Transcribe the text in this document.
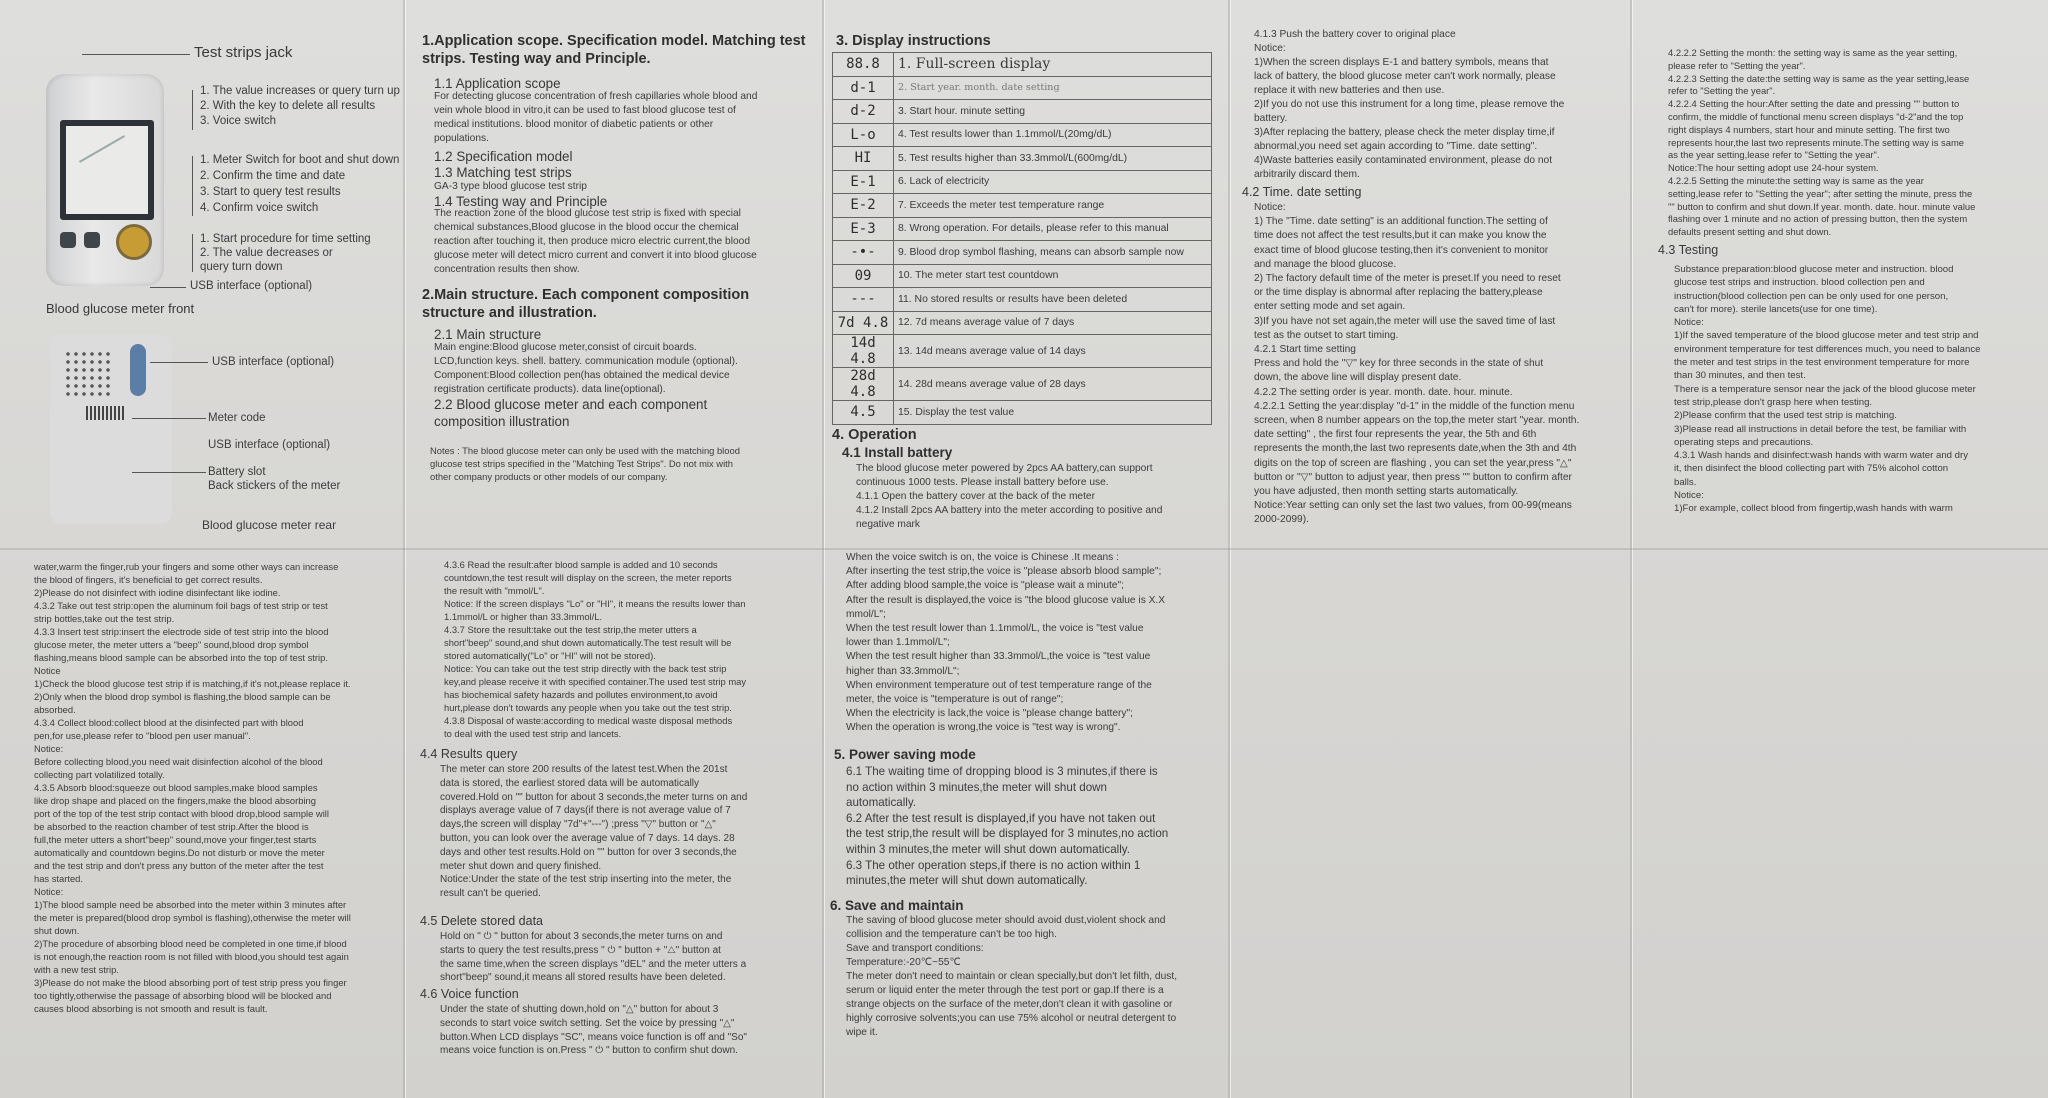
Test strips jack
1. The value increases or query turn up
2. With the key to delete all results
3. Voice switch
1. Meter Switch for boot and shut down
2. Confirm the time and date
3. Start to query test results
4. Confirm voice switch
1. Start procedure for time setting
2. The value decreases or
query turn down
USB interface (optional)
Blood glucose meter front
USB interface (optional)
Meter code
USB interface (optional)
Battery slot
Back stickers of the meter
Blood glucose meter rear
water,warm the finger,rub your fingers and some other ways can increase
the blood of fingers, it's beneficial to get correct results.
2)Please do not disinfect with iodine disinfectant like iodine.
4.3.2 Take out test strip:open the aluminum foil bags of test strip or test
strip bottles,take out the test strip.
4.3.3 Insert test strip:insert the electrode side of test strip into the blood
glucose meter, the meter utters a "beep" sound,blood drop symbol
flashing,means blood sample can be absorbed into the top of test strip.
Notice
1)Check the blood glucose test strip if is matching,if it's not,please replace it.
2)Only when the blood drop symbol is flashing,the blood sample can be
absorbed.
4.3.4 Collect blood:collect blood at the disinfected part with blood
pen,for use,please refer to "blood pen user manual".
Notice:
Before collecting blood,you need wait disinfection alcohol of the blood
collecting part volatilized totally.
4.3.5 Absorb blood:squeeze out blood samples,make blood samples
like drop shape and placed on the fingers,make the blood absorbing
port of the top of the test strip contact with blood drop,blood sample will
be absorbed to the reaction chamber of test strip.After the blood is
full,the meter utters a short"beep" sound,move your finger,test starts
automatically and countdown begins.Do not disturb or move the meter
and the test strip and don't press any button of the meter after the test
has started.
Notice:
1)The blood sample need be absorbed into the meter within 3 minutes after
the meter is prepared(blood drop symbol is flashing),otherwise the meter will
shut down.
2)The procedure of absorbing blood need be completed in one time,if blood
is not enough,the reaction room is not filled with blood,you should test again
with a new test strip.
3)Please do not make the blood absorbing port of test strip press you finger
too tightly,otherwise the passage of absorbing blood will be blocked and
causes blood absorbing is not smooth and result is fault.
1.Application scope. Specification model. Matching test
strips. Testing way and Principle.
1.1 Application scope
For detecting glucose concentration of fresh capillaries whole blood and
vein whole blood in vitro,it can be used to fast blood glucose test of
medical institutions. blood monitor of diabetic patients or other
populations.
1.2 Specification model
1.3 Matching test strips
GA-3 type blood glucose test strip
1.4 Testing way and Principle
The reaction zone of the blood glucose test strip is fixed with special
chemical substances,Blood glucose in the blood occur the chemical
reaction after touching it, then produce micro electric current,the blood
glucose meter will detect micro current and convert it into blood glucose
concentration results then show.
2.Main structure. Each component composition
structure and illustration.
2.1 Main structure
Main engine:Blood glucose meter,consist of circuit boards.
LCD,function keys. shell. battery. communication module (optional).
Component:Blood collection pen(has obtained the medical device
registration certificate products). data line(optional).
2.2 Blood glucose meter and each component
composition illustration
Notes : The blood glucose meter can only be used with the matching blood
glucose test strips specified in the "Matching Test Strips". Do not mix with
other company products or other models of our company.
4.3.6 Read the result:after blood sample is added and 10 seconds
countdown,the test result will display on the screen, the meter reports
the result with "mmol/L".
Notice: If the screen displays "Lo" or "HI", it means the results lower than
1.1mmol/L or higher than 33.3mmol/L.
4.3.7 Store the result:take out the test strip,the meter utters a
short"beep" sound,and shut down automatically.The test result will be
stored automatically("Lo" or "HI" will not be stored).
Notice: You can take out the test strip directly with the back test strip
key,and please receive it with specified container.The used test strip may
has biochemical safety hazards and pollutes environment,to avoid
hurt,please don't towards any people when you take out the test strip.
4.3.8 Disposal of waste:according to medical waste disposal methods
to deal with the used test strip and lancets.
4.4 Results query
The meter can store 200 results of the latest test.When the 201st
data is stored, the earliest stored data will be automatically
covered.Hold on "" button for about 3 seconds,the meter turns on and
displays average value of 7 days(if there is not average value of 7
days,the screen will display "7d"+"---") ;press "▽" button or "△"
button, you can look over the average value of 7 days. 14 days. 28
days and other test results.Hold on "" button for over 3 seconds,the
meter shut down and query finished.
Notice:Under the state of the test strip inserting into the meter, the
result can't be queried.
4.5 Delete stored data
Hold on " ⏻ " button for about 3 seconds,the meter turns on and
starts to query the test results,press " ⏻ " button + "△" button at
the same time,when the screen displays "dEL" and the meter utters a
short"beep" sound,it means all stored results have been deleted.
4.6 Voice function
Under the state of shutting down,hold on "△" button for about 3
seconds to start voice switch setting. Set the voice by pressing "△"
button.When LCD displays "SC", means voice function is off and "So"
means voice function is on.Press " ⏻ " button to confirm shut down.
3. Display instructions
4. Operation
4.1 Install battery
The blood glucose meter powered by 2pcs AA battery,can support
continuous 1000 tests. Please install battery before use.
4.1.1 Open the battery cover at the back of the meter
4.1.2 Install 2pcs AA battery into the meter according to positive and
negative mark
When the voice switch is on, the voice is Chinese .It means :
After inserting the test strip,the voice is "please absorb blood sample";
After adding blood sample,the voice is "please wait a minute";
After the result is displayed,the voice is "the blood glucose value is X.X
mmol/L";
When the test result lower than 1.1mmol/L, the voice is "test value
lower than 1.1mmol/L";
When the test result higher than 33.3mmol/L,the voice is "test value
higher than 33.3mmol/L";
When environment temperature out of test temperature range of the
meter, the voice is "temperature is out of range";
When the electricity is lack,the voice is "please change battery";
When the operation is wrong,the voice is "test way is wrong".
5. Power saving mode
6.1 The waiting time of dropping blood is 3 minutes,if there is
no action within 3 minutes,the meter will shut down
automatically.
6.2 After the test result is displayed,if you have not taken out
the test strip,the result will be displayed for 3 minutes,no action
within 3 minutes,the meter will shut down automatically.
6.3 The other operation steps,if there is no action within 1
minutes,the meter will shut down automatically.
6. Save and maintain
The saving of blood glucose meter should avoid dust,violent shock and
collision and the temperature can't be too high.
Save and transport conditions:
Temperature:-20℃~55℃
The meter don't need to maintain or clean specially,but don't let filth, dust,
serum or liquid enter the meter through the test port or gap.If there is a
strange objects on the surface of the meter,don't clean it with gasoline or
highly corrosive solvents;you can use 75% alcohol or neutral detergent to
wipe it.
88.8	1. Full-screen display
d-1	2. Start year. month. date setting
d-2	3. Start hour. minute setting
L-o	4. Test results lower than 1.1mmol/L(20mg/dL)
HI	5. Test results higher than 33.3mmol/L(600mg/dL)
E-1	6. Lack of electricity
E-2	7. Exceeds the meter test temperature range
E-3	8. Wrong operation. For details, please refer to this manual
-•-	9. Blood drop symbol flashing, means can absorb sample now
09	10. The meter start test countdown
---	11. No stored results or results have been deleted
7d 4.8	12. 7d means average value of 7 days
14d 4.8	13. 14d means average value of 14 days
28d 4.8	14. 28d means average value of 28 days
4.5	15. Display the test value
4.1.3 Push the battery cover to original place
Notice:
1)When the screen displays E-1 and battery symbols, means that
lack of battery, the blood glucose meter can't work normally, please
replace it with new batteries and then use.
2)If you do not use this instrument for a long time, please remove the
battery.
3)After replacing the battery, please check the meter display time,if
abnormal,you need set again according to "Time. date setting".
4)Waste batteries easily contaminated environment, please do not
arbitrarily discard them.
4.2 Time. date setting
Notice:
1) The "Time. date setting" is an additional function.The setting of
time does not affect the test results,but it can make you know the
exact time of blood glucose testing,then it's convenient to monitor
and manage the blood glucose.
2) The factory default time of the meter is preset.If you need to reset
or the time display is abnormal after replacing the battery,please
enter setting mode and set again.
3)If you have not set again,the meter will use the saved time of last
test as the outset to start timing.
4.2.1 Start time setting
Press and hold the "▽" key for three seconds in the state of shut
down, the above line will display present date.
4.2.2 The setting order is year. month. date. hour. minute.
4.2.2.1 Setting the year:display "d-1" in the middle of the function menu
screen, when 8 number appears on the top,the meter start "year. month.
date setting" , the first four represents the year, the 5th and 6th
represents the month,the last two represents date,when the 3th and 4th
digits on the top of screen are flashing , you can set the year,press "△"
button or "▽" button to adjust year, then press "" button to confirm after
you have adjusted, then month setting starts automatically.
Notice:Year setting can only set the last two values, from 00-99(means
2000-2099).
4.2.2.2 Setting the month: the setting way is same as the year setting,
please refer to "Setting the year".
4.2.2.3 Setting the date:the setting way is same as the year setting,lease
refer to "Setting the year".
4.2.2.4 Setting the hour:After setting the date and pressing "" button to
confirm, the middle of functional menu screen displays "d-2"and the top
right displays 4 numbers, start hour and minute setting. The first two
represents hour,the last two represents minute.The setting way is same
as the year setting,lease refer to "Setting the year".
Notice:The hour setting adopt use 24-hour system.
4.2.2.5 Setting the minute:the setting way is same as the year
setting,lease refer to "Setting the year"; after setting the minute, press the
"" button to confirm and shut down.If year. month. date. hour. minute value
flashing over 1 minute and no action of pressing button, then the system
defaults present setting and shut down.
4.3 Testing
Substance preparation:blood glucose meter and instruction. blood
glucose test strips and instruction. blood collection pen and
instruction(blood collection pen can be only used for one person,
can't for more). sterile lancets(use for one time).
Notice:
1)If the saved temperature of the blood glucose meter and test strip and
environment temperature for test differences much, you need to balance
the meter and test strips in the test environment temperature for more
than 30 minutes, and then test.
There is a temperature sensor near the jack of the blood glucose meter
test strip,please don't grasp here when testing.
2)Please confirm that the used test strip is matching.
3)Please read all instructions in detail before the test, be familiar with
operating steps and precautions.
4.3.1 Wash hands and disinfect:wash hands with warm water and dry
it, then disinfect the blood collecting part with 75% alcohol cotton
balls.
Notice:
1)For example, collect blood from fingertip,wash hands with warm
